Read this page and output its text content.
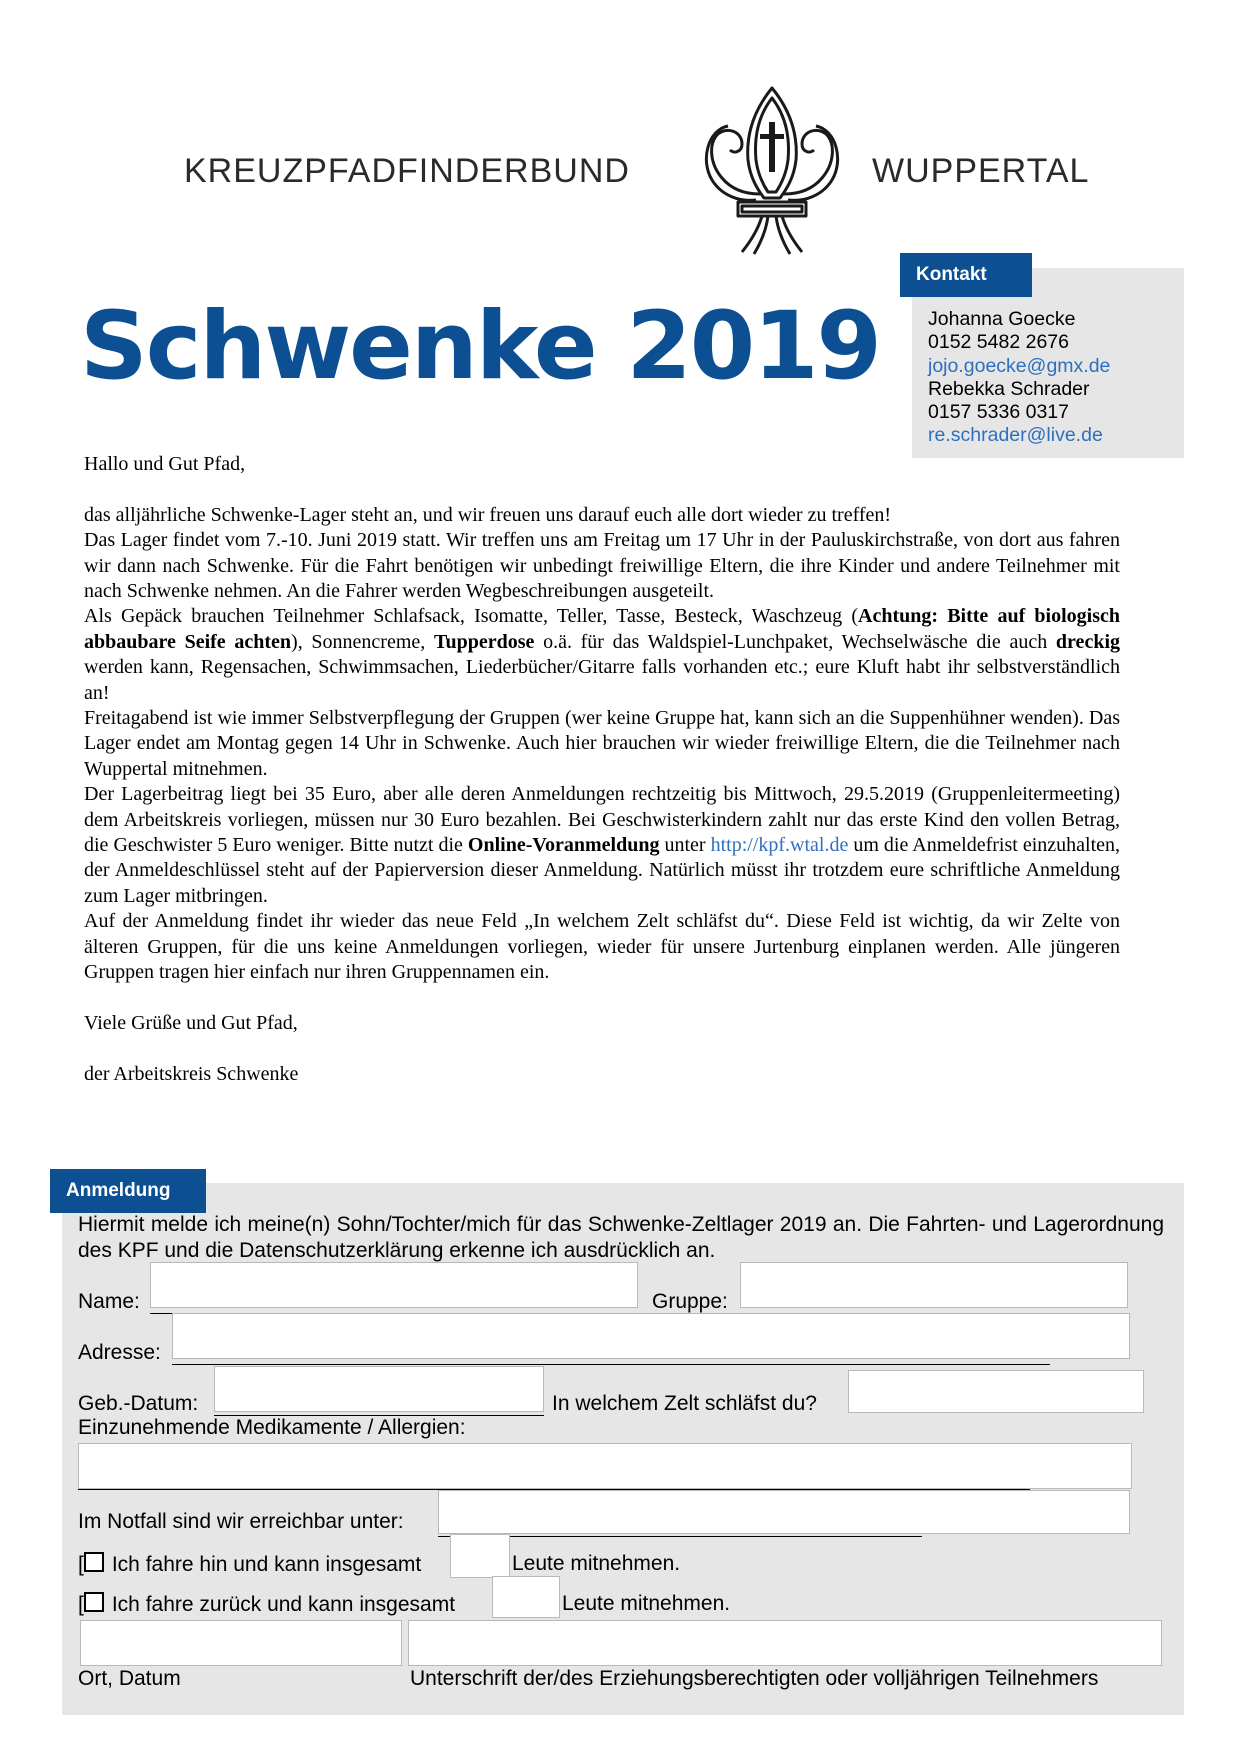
KREUZPFADFINDERBUND	WUPPERTAL
Schwenke 2019
Kontakt
Johanna Goecke
0152 5482 2676
jojo.goecke@gmx.de
Rebekka Schrader
0157 5336 0317
re.schrader@live.de

Hallo und Gut Pfad,

das alljährliche Schwenke-Lager steht an, und wir freuen uns darauf euch alle dort wieder zu treffen!

Das Lager findet vom 7.-10. Juni 2019 statt. Wir treffen uns am Freitag um 17 Uhr in der Pauluskirchstraße, von dort aus fahren wir dann nach Schwenke. Für die Fahrt benötigen wir unbedingt freiwillige Eltern, die ihre Kinder und andere Teilnehmer mit nach Schwenke nehmen. An die Fahrer werden Wegbeschreibungen ausgeteilt.

Als Gepäck brauchen Teilnehmer Schlafsack, Isomatte, Teller, Tasse, Besteck, Waschzeug (Achtung: Bitte auf biologisch abbaubare Seife achten), Sonnencreme, Tupperdose o.ä. für das Waldspiel-Lunchpaket, Wechselwäsche die auch dreckig werden kann, Regensachen, Schwimmsachen, Liederbücher/Gitarre falls vorhanden etc.; eure Kluft habt ihr selbstverständlich an!

Freitagabend ist wie immer Selbstverpflegung der Gruppen (wer keine Gruppe hat, kann sich an die Suppenhühner wenden). Das Lager endet am Montag gegen 14 Uhr in Schwenke. Auch hier brauchen wir wieder freiwillige Eltern, die die Teilnehmer nach Wuppertal mitnehmen.

Der Lagerbeitrag liegt bei 35 Euro, aber alle deren Anmeldungen rechtzeitig bis Mittwoch, 29.5.2019 (Gruppenleitermeeting) dem Arbeitskreis vorliegen, müssen nur 30 Euro bezahlen. Bei Geschwisterkindern zahlt nur das erste Kind den vollen Betrag, die Geschwister 5 Euro weniger. Bitte nutzt die Online-Voranmeldung unter http://kpf.wtal.de um die Anmeldefrist einzuhalten, der Anmeldeschlüssel steht auf der Papierversion dieser Anmeldung. Natürlich müsst ihr trotzdem eure schriftliche Anmeldung zum Lager mitbringen.

Auf der Anmeldung findet ihr wieder das neue Feld „In welchem Zelt schläfst du“. Diese Feld ist wichtig, da wir Zelte von älteren Gruppen, für die uns keine Anmeldungen vorliegen, wieder für unsere Jurtenburg einplanen werden. Alle jüngeren Gruppen tragen hier einfach nur ihren Gruppennamen ein.

Viele Grüße und Gut Pfad,

der Arbeitskreis Schwenke

Anmeldung
Hiermit melde ich meine(n) Sohn/Tochter/mich für das Schwenke-Zeltlager 2019 an. Die Fahrten- und Lagerordnung des KPF und die Datenschutzerklärung erkenne ich ausdrücklich an.
Name:	Gruppe:
Adresse:
Geb.-Datum:	In welchem Zelt schläfst du?
Einzunehmende Medikamente / Allergien:
Im Notfall sind wir erreichbar unter:
[ Ich fahre hin und kann insgesamt	Leute mitnehmen.
[ Ich fahre zurück und kann insgesamt	Leute mitnehmen.
Ort, Datum	Unterschrift der/des Erziehungsberechtigten oder volljährigen Teilnehmers
